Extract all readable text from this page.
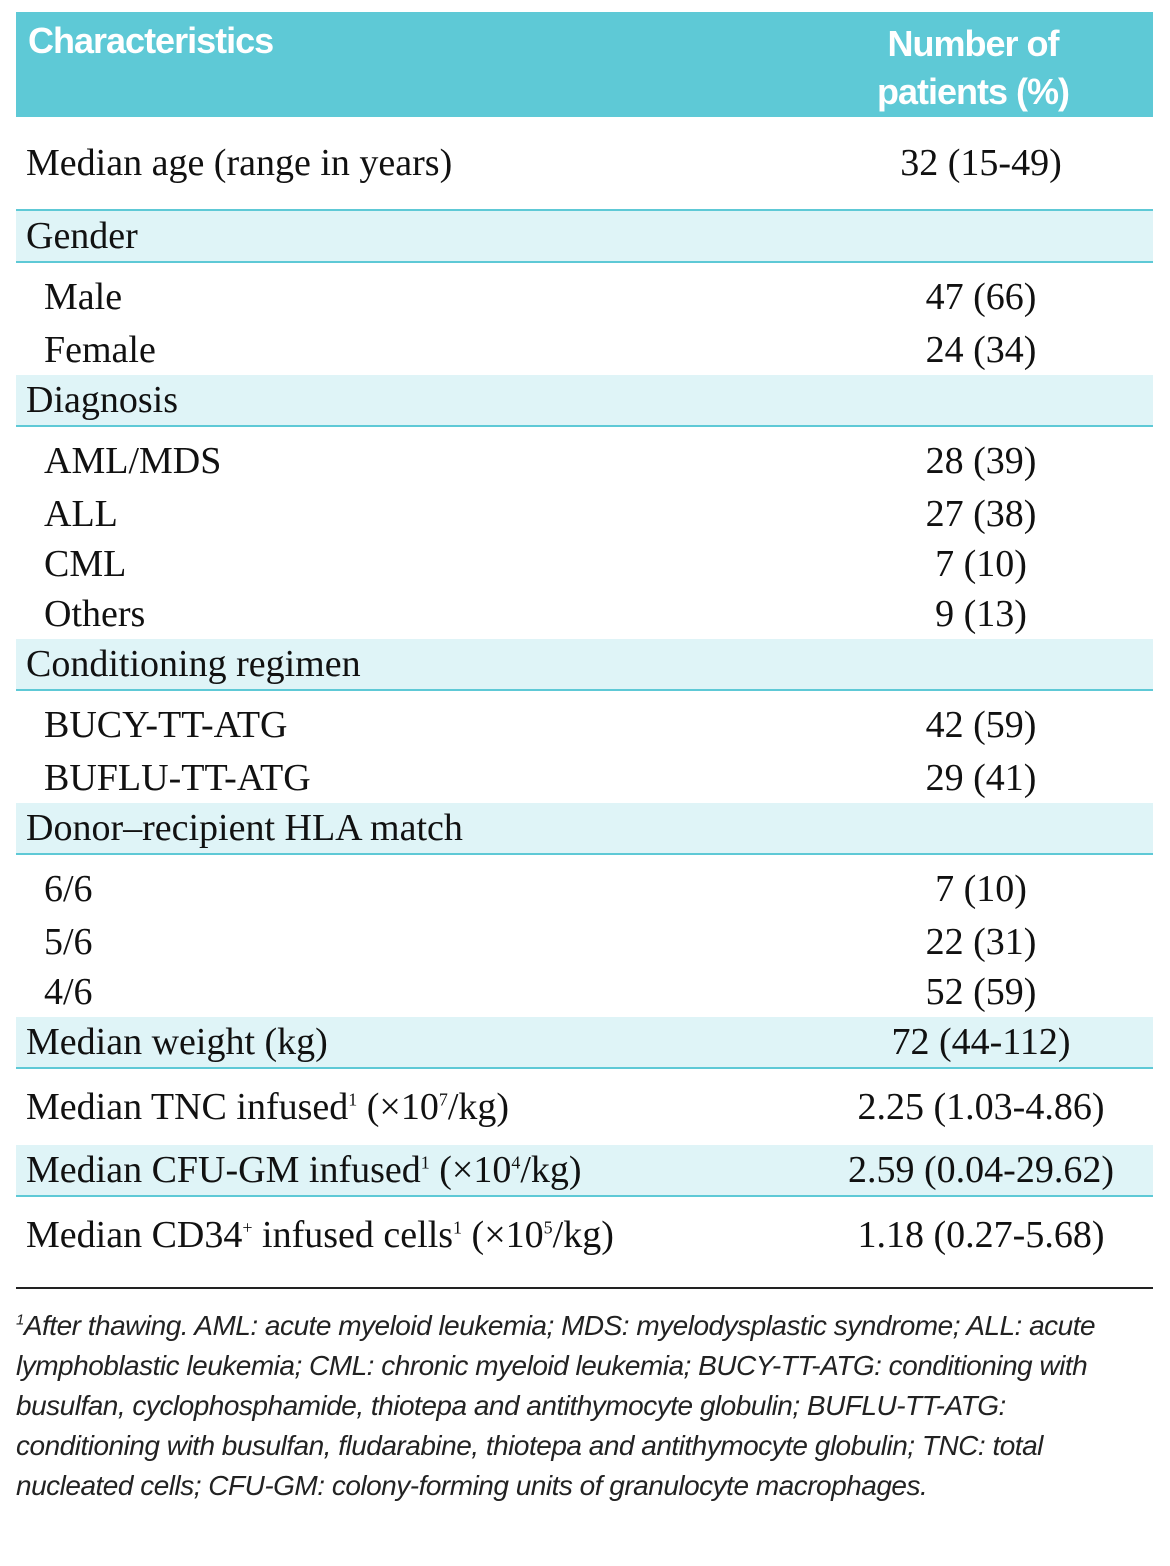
Characteristics	Number of
patients (%)
Median age (range in years)	32 (15-49)
Gender
Male	47 (66)
Female	24 (34)
Diagnosis
AML/MDS	28 (39)
ALL	27 (38)
CML	7 (10)
Others	9 (13)
Conditioning regimen
BUCY-TT-ATG	42 (59)
BUFLU-TT-ATG	29 (41)
Donor–recipient HLA match
6/6	7 (10)
5/6	22 (31)
4/6	52 (59)
Median weight (kg)	72 (44-112)
Median TNC infused$^1$ $(\times 10^7/kg)$	2.25 (1.03-4.86)
Median CFU-GM infused$^1$ $(\times 10^4/kg)$	2.59 (0.04-29.62)
Median CD34+ infused cells$^1$ $(\times 10^5/kg)$	1.18 (0.27-5.68)
$^1$After thawing. AML: acute myeloid leukemia; MDS: myelodysplastic syndrome; ALL: acute lymphoblastic leukemia; CML: chronic myeloid leukemia; BUCY-TT-ATG: conditioning with busulfan, cyclophosphamide, thiotepa and antithymocyte globulin; BUFLU-TT-ATG: conditioning with busulfan, fludarabine, thiotepa and antithymocyte globulin; TNC: total nucleated cells; CFU-GM: colony-forming units of granulocyte macrophages.
